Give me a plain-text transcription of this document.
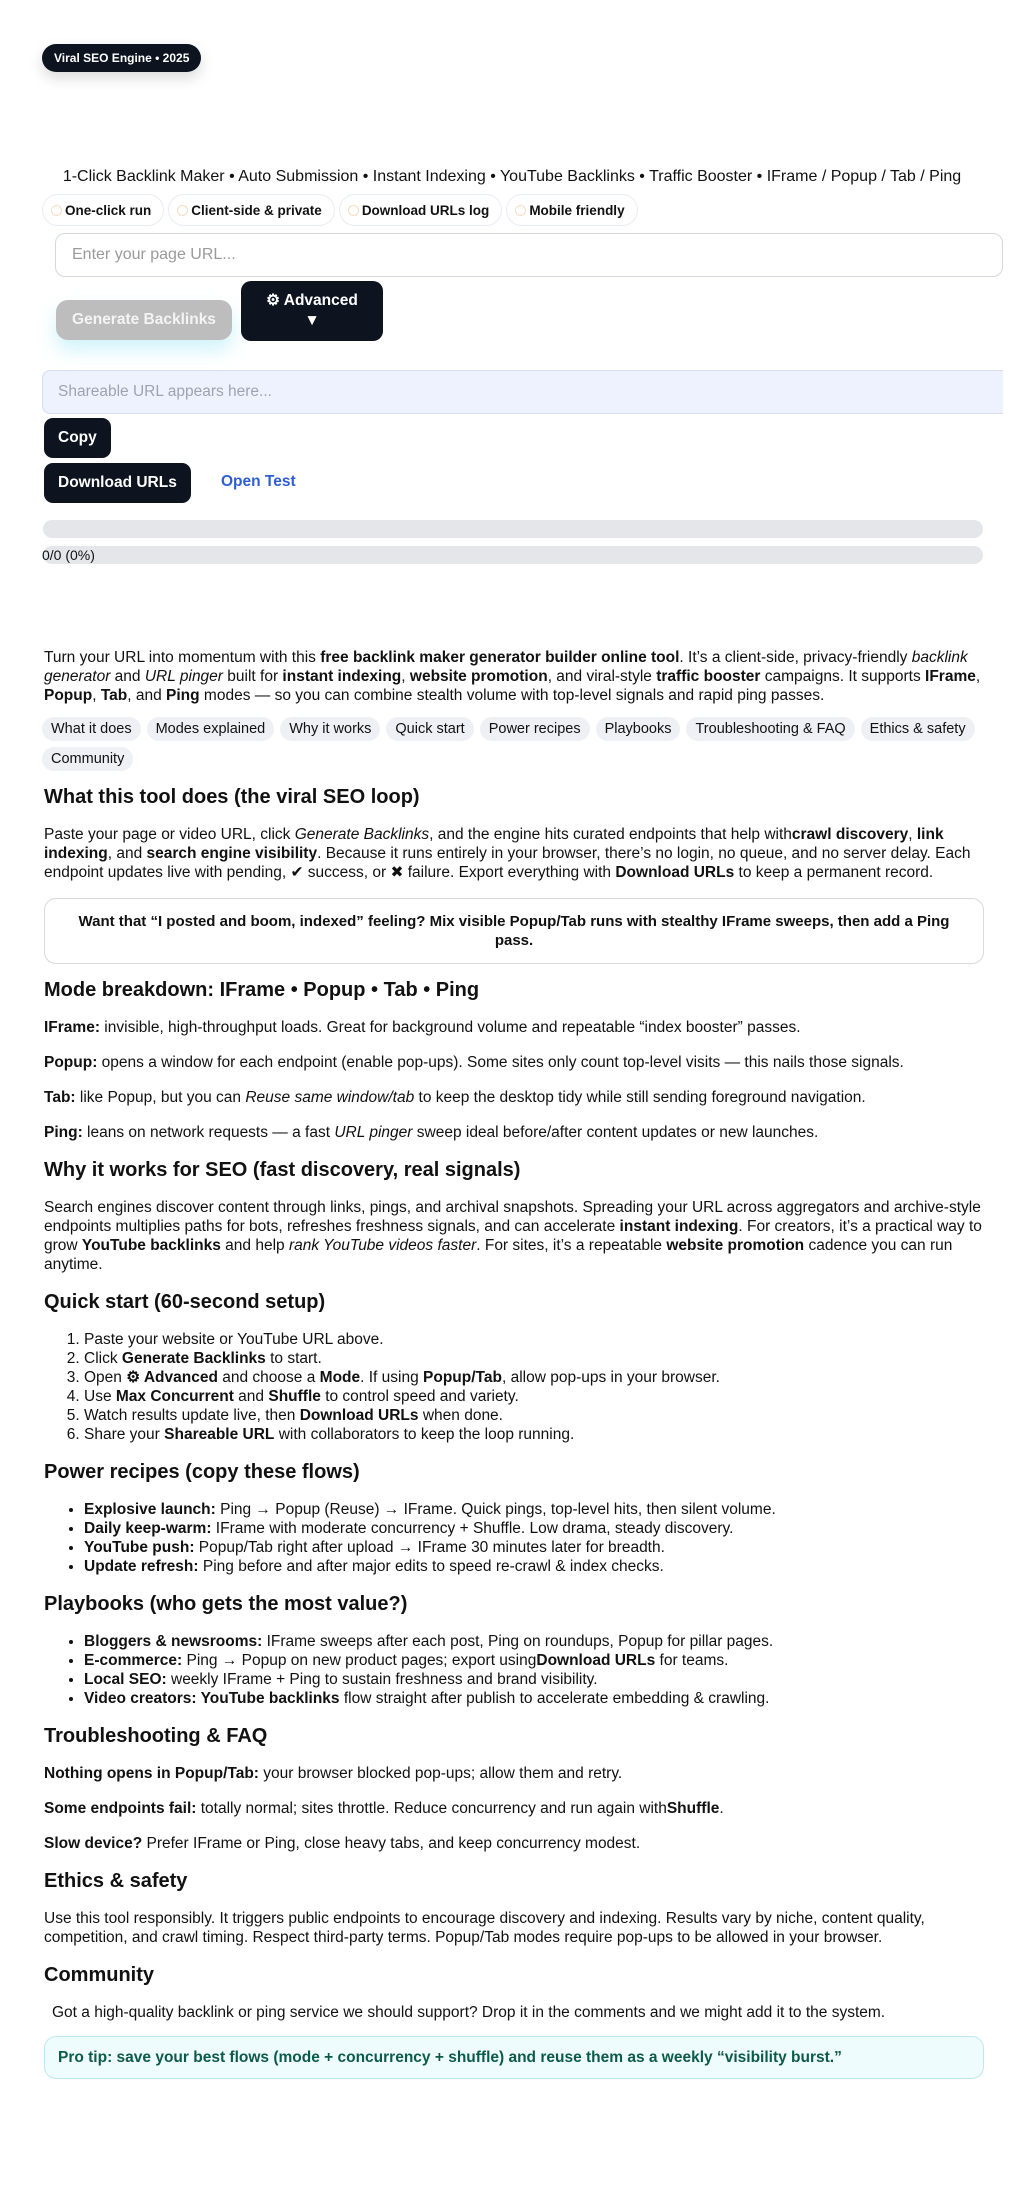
Viral SEO Engine • 2025
1-Click Backlink Maker • Auto Submission • Instant Indexing • YouTube Backlinks • Traffic Booster • IFrame / Popup / Tab / Ping
One-click run	Client-side & private	Download URLs log	Mobile friendly
Enter your page URL...
Generate Backlinks
⚙ Advanced
▼
Shareable URL appears here...
Copy
Download URLs	Open Test
0/0 (0%)

Turn your URL into momentum with this free backlink maker generator builder online tool. It’s a client-side, privacy-friendly backlink generator and URL pinger built for instant indexing, website promotion, and viral-style traffic booster campaigns. It supports IFrame, Popup, Tab, and Ping modes — so you can combine stealth volume with top-level signals and rapid ping passes.

What it does	Modes explained	Why it works	Quick start	Power recipes	Playbooks	Troubleshooting & FAQ	Ethics & safety
Community
What this tool does (the viral SEO loop)

Paste your page or video URL, click Generate Backlinks, and the engine hits curated endpoints that help withcrawl discovery, link indexing, and search engine visibility. Because it runs entirely in your browser, there’s no login, no queue, and no server delay. Each endpoint updates live with pending, ✔ success, or ✖ failure. Export everything with Download URLs to keep a permanent record.

Want that “I posted and boom, indexed” feeling? Mix visible Popup/Tab runs with stealthy IFrame sweeps, then add a Ping pass.
Mode breakdown: IFrame • Popup • Tab • Ping

IFrame: invisible, high-throughput loads. Great for background volume and repeatable “index booster” passes.

Popup: opens a window for each endpoint (enable pop-ups). Some sites only count top-level visits — this nails those signals.

Tab: like Popup, but you can Reuse same window/tab to keep the desktop tidy while still sending foreground navigation.

Ping: leans on network requests — a fast URL pinger sweep ideal before/after content updates or new launches.

Why it works for SEO (fast discovery, real signals)

Search engines discover content through links, pings, and archival snapshots. Spreading your URL across aggregators and archive-style endpoints multiplies paths for bots, refreshes freshness signals, and can accelerate instant indexing. For creators, it’s a practical way to grow YouTube backlinks and help rank YouTube videos faster. For sites, it’s a repeatable website promotion cadence you can run anytime.

Quick start (60-second setup)
1. Paste your website or YouTube URL above.
2. Click Generate Backlinks to start.
3. Open ⚙ Advanced and choose a Mode. If using Popup/Tab, allow pop-ups in your browser.
4. Use Max Concurrent and Shuffle to control speed and variety.
5. Watch results update live, then Download URLs when done.
6. Share your Shareable URL with collaborators to keep the loop running.
Power recipes (copy these flows)
• Explosive launch: Ping → Popup (Reuse) → IFrame. Quick pings, top-level hits, then silent volume.
• Daily keep-warm: IFrame with moderate concurrency + Shuffle. Low drama, steady discovery.
• YouTube push: Popup/Tab right after upload → IFrame 30 minutes later for breadth.
• Update refresh: Ping before and after major edits to speed re-crawl & index checks.
Playbooks (who gets the most value?)
• Bloggers & newsrooms: IFrame sweeps after each post, Ping on roundups, Popup for pillar pages.
• E-commerce: Ping → Popup on new product pages; export usingDownload URLs for teams.
• Local SEO: weekly IFrame + Ping to sustain freshness and brand visibility.
• Video creators: YouTube backlinks flow straight after publish to accelerate embedding & crawling.
Troubleshooting & FAQ

Nothing opens in Popup/Tab: your browser blocked pop-ups; allow them and retry.

Some endpoints fail: totally normal; sites throttle. Reduce concurrency and run again withShuffle.

Slow device? Prefer IFrame or Ping, close heavy tabs, and keep concurrency modest.

Ethics & safety

Use this tool responsibly. It triggers public endpoints to encourage discovery and indexing. Results vary by niche, content quality, competition, and crawl timing. Respect third-party terms. Popup/Tab modes require pop-ups to be allowed in your browser.

Community

Got a high-quality backlink or ping service we should support? Drop it in the comments and we might add it to the system.

Pro tip: save your best flows (mode + concurrency + shuffle) and reuse them as a weekly “visibility burst.”
